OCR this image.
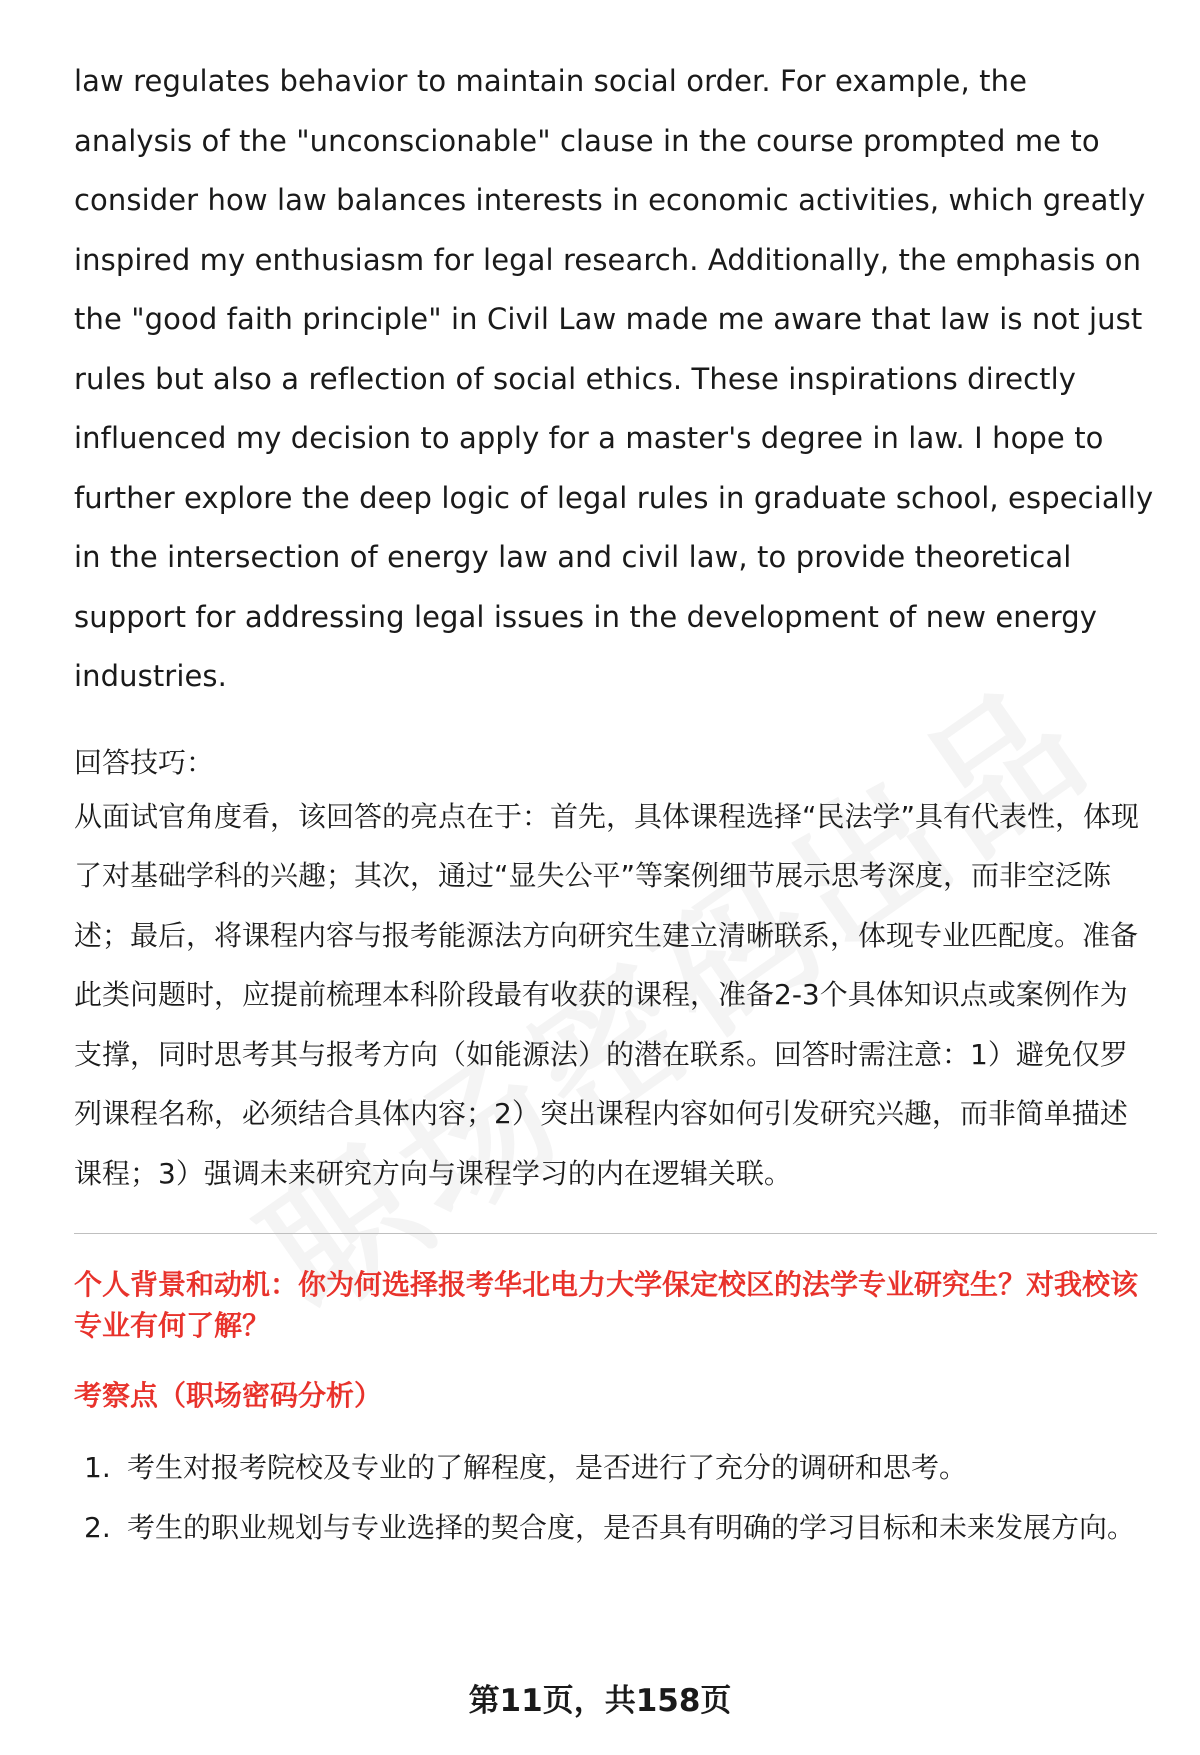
law regulates behavior to maintain social order. For example, the analysis of the "unconscionable" clause in the course prompted me to consider how law balances interests in economic activities, which greatly inspired my enthusiasm for legal research. Additionally, the emphasis on the "good faith principle" in Civil Law made me aware that law is not just rules but also a reflection of social ethics. These inspirations directly influenced my decision to apply for a master's degree in law. I hope to further explore the deep logic of legal rules in graduate school, especially in the intersection of energy law and civil law, to provide theoretical support for addressing legal issues in the development of new energy industries.

回答技巧：

从面试官角度看，该回答的亮点在于：首先，具体课程选择“民法学”具有代表性，体现了对基础学科的兴趣；其次，通过“显失公平”等案例细节展示思考深度，而非空泛陈述；最后，将课程内容与报考能源法方向研究生建立清晰联系，体现专业匹配度。准备此类问题时，应提前梳理本科阶段最有收获的课程，准备2-3个具体知识点或案例作为支撑，同时思考其与报考方向（如能源法）的潜在联系。回答时需注意：1）避免仅罗列课程名称，必须结合具体内容；2）突出课程内容如何引发研究兴趣，而非简单描述课程；3）强调未来研究方向与课程学习的内在逻辑关联。

个人背景和动机：你为何选择报考华北电力大学保定校区的法学专业研究生？对我校该专业有何了解？

考察点（职场密码分析）
1. 考生对报考院校及专业的了解程度，是否进行了充分的调研和思考。
2. 考生的职业规划与专业选择的契合度，是否具有明确的学习目标和未来发展方向。
第11页，共158页
